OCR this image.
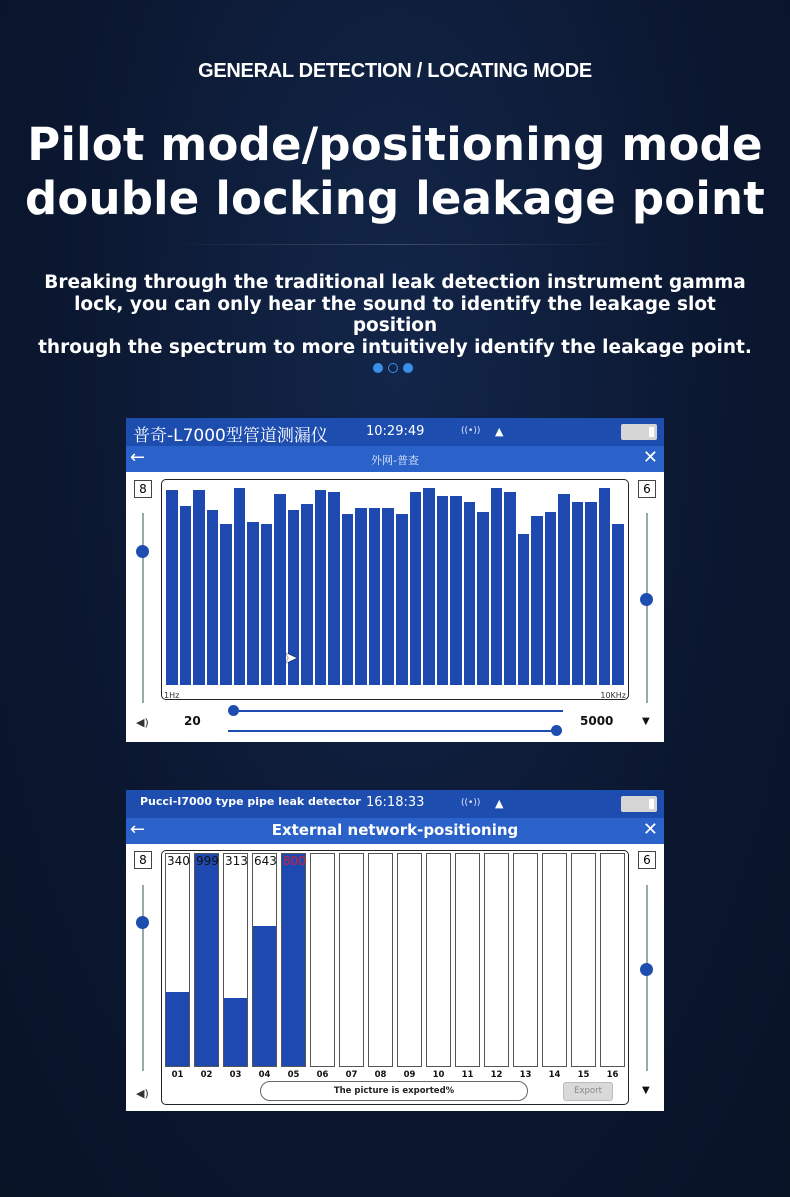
GENERAL DETECTION / LOCATING MODE
Pilot mode/positioning mode
double locking leakage point
Breaking through the traditional leak detection instrument gamma
lock, you can only hear the sound to identify the leakage slot position
through the spectrum to more intuitively identify the leakage point.
普奇-L7000型管道测漏仪	10:29:49	((•)) ▲
←	外网-普查	✕
8	6
1Hz	10KHz
➤
◀)	20	5000	▼
Pucci-I7000 type pipe leak detector 16:18:33	((•)) ▲
←	External network-positioning	✕
8	6
340
01
999
02
313
03
643
04
800
05	06	07	08	09	10	11	12	13	14	15	16
◀)	The picture is exported%	Export	▼
